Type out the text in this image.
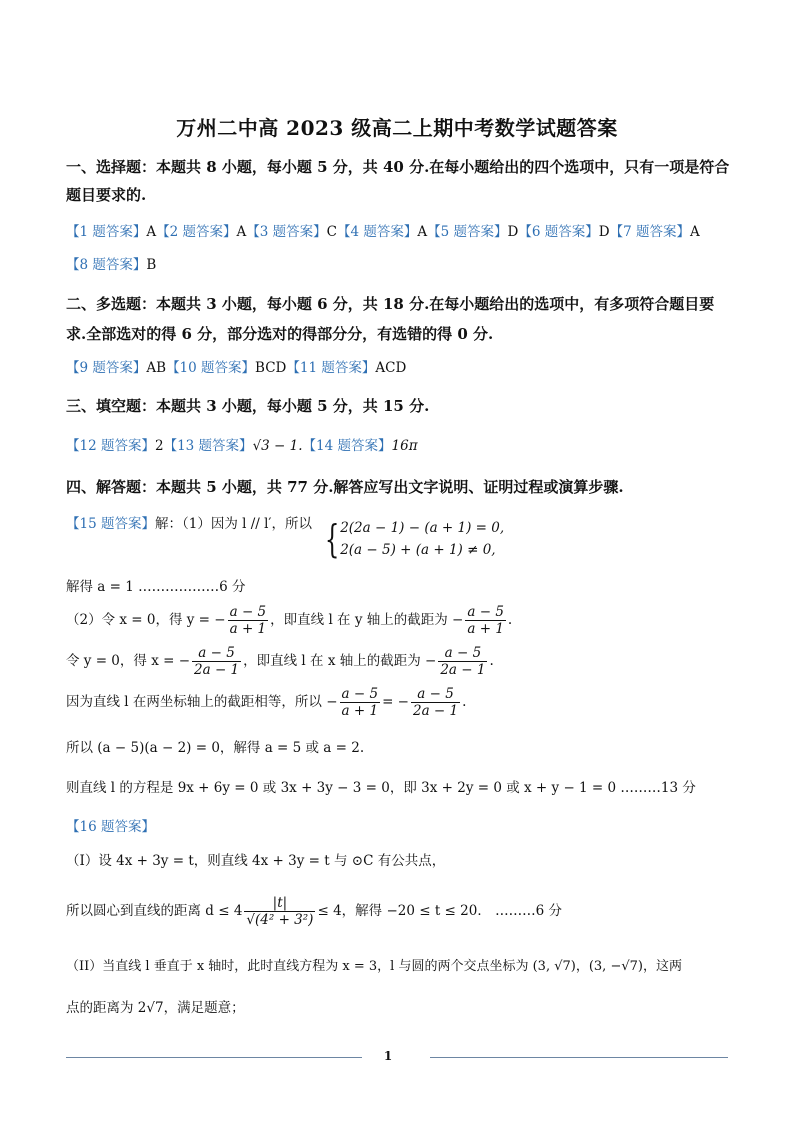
万州二中高 2023 级高二上期中考数学试题答案
一、选择题：本题共 8 小题，每小题 5 分，共 40 分.在每小题给出的四个选项中，只有一项是符合题目要求的.
【1 题答案】A【2 题答案】A【3 题答案】C【4 题答案】A【5 题答案】D【6 题答案】D【7 题答案】A
【8 题答案】B
二、多选题：本题共 3 小题，每小题 6 分，共 18 分.在每小题给出的选项中，有多项符合题目要求.全部选对的得 6 分，部分选对的得部分分，有选错的得 0 分.
【9 题答案】AB【10 题答案】BCD【11 题答案】ACD
三、填空题：本题共 3 小题，每小题 5 分，共 15 分.
【12 题答案】2【13 题答案】√3 − 1.【14 题答案】16π
四、解答题：本题共 5 小题，共 77 分.解答应写出文字说明、证明过程或演算步骤.
【15 题答案】解：（1）因为 l // l′，所以 { 2(2a − 1) − (a + 1) = 0,
2(a − 5) + (a + 1) ≠ 0,
解得 a = 1 ………………6 分
（2）令 x = 0，得 y = − $\frac{a - 5}{a + 1}$ ，即直线 l 在 y 轴上的截距为 − $\frac{a - 5}{a + 1}$ .
令 y = 0，得 x = − $\frac{a - 5}{2a - 1}$ ，即直线 l 在 x 轴上的截距为 − $\frac{a - 5}{2a - 1}$ .
因为直线 l 在两坐标轴上的截距相等，所以 − $\frac{a - 5}{a + 1}$ = − $\frac{a - 5}{2a - 1}$ .
所以 (a − 5)(a − 2) = 0，解得 a = 5 或 a = 2.
则直线 l 的方程是 9x + 6y = 0 或 3x + 3y − 3 = 0，即 3x + 2y = 0 或 x + y − 1 = 0 ………13 分
【16 题答案】
（I）设 4x + 3y = t，则直线 4x + 3y = t 与 ⊙C 有公共点，
所以圆心到直线的距离 $d \le 4 \frac{|t|}{\text{√(4² + 3²)}} \le 4$，解得 −20 ≤ t ≤ 20． ………6 分
（II）当直线 l 垂直于 x 轴时，此时直线方程为 x = 3，l 与圆的两个交点坐标为 (3, √7)，(3, −√7)，这两
点的距离为 2√7，满足题意；
1
